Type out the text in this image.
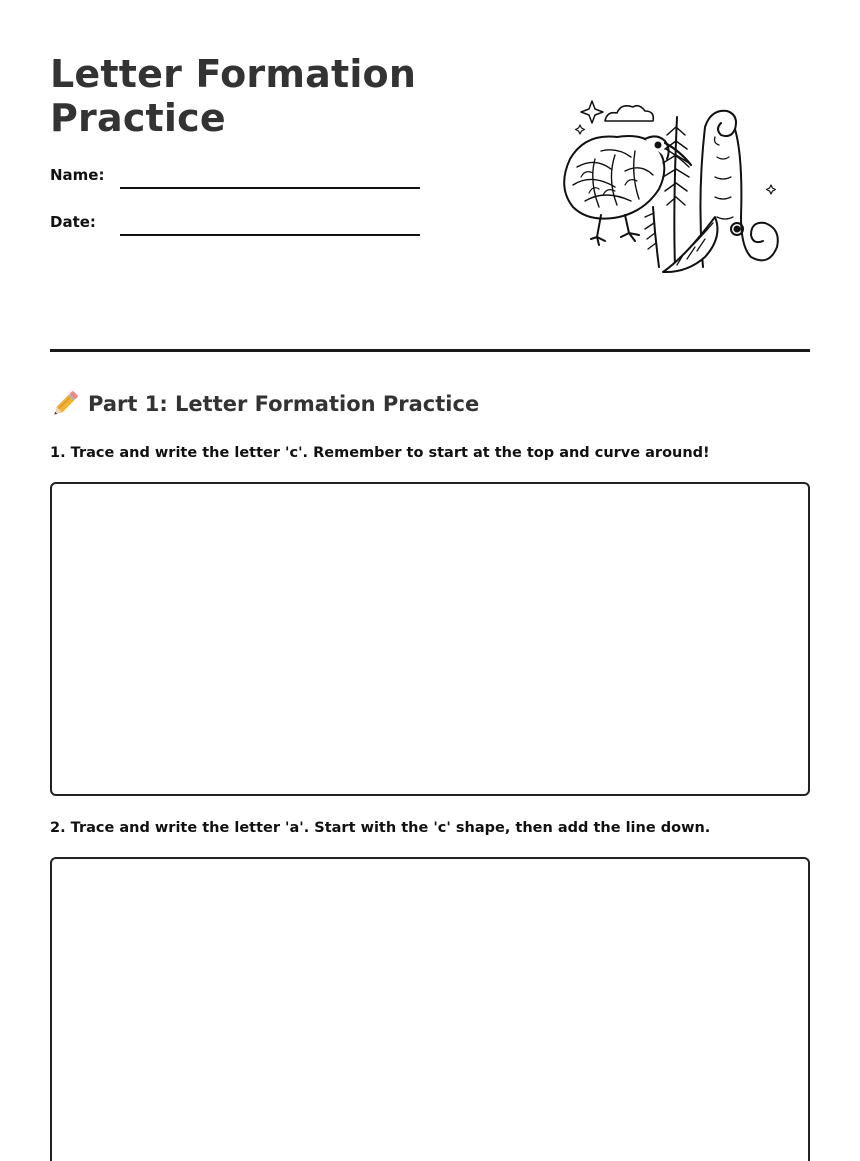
Letter Formation Practice
Name:
Date:
Part 1: Letter Formation Practice

1. Trace and write the letter 'c'. Remember to start at the top and curve around!

2. Trace and write the letter 'a'. Start with the 'c' shape, then add the line down.
